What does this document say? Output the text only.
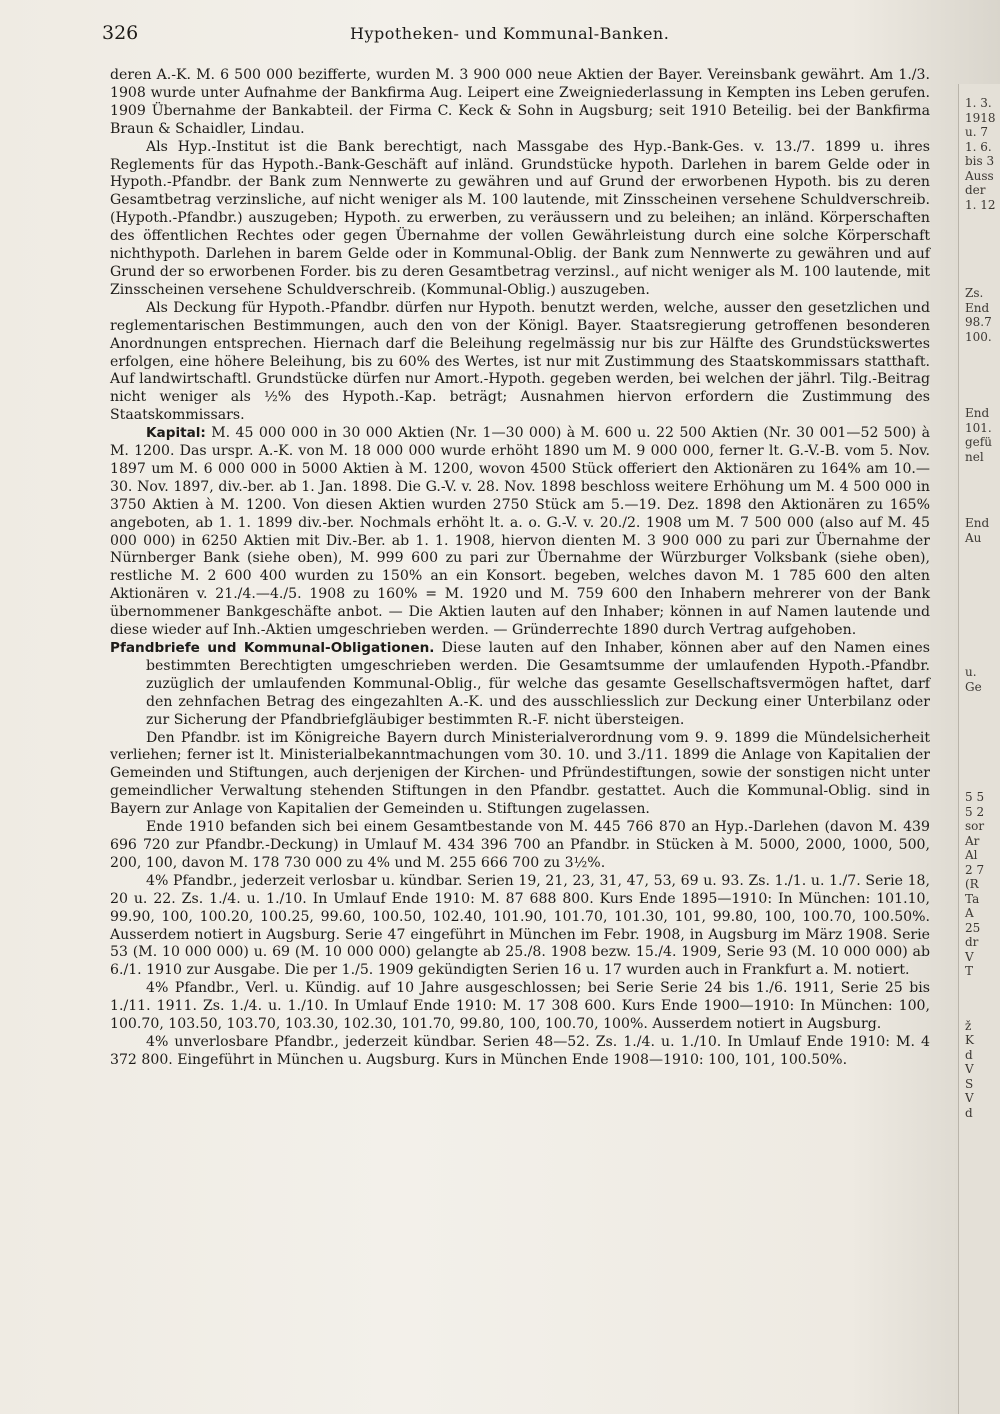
326	Hypotheken- und Kommunal-Banken.

deren A.-K. M. 6 500 000 bezifferte, wurden M. 3 900 000 neue Aktien der Bayer. Vereinsbank gewährt. Am 1./3. 1908 wurde unter Aufnahme der Bankfirma Aug. Leipert eine Zweigniederlassung in Kempten ins Leben gerufen. 1909 Übernahme der Bankabteil. der Firma C. Keck & Sohn in Augsburg; seit 1910 Beteilig. bei der Bankfirma Braun & Schaidler, Lindau.

Als Hyp.-Institut ist die Bank berechtigt, nach Massgabe des Hyp.-Bank-Ges. v. 13./7. 1899 u. ihres Reglements für das Hypoth.-Bank-Geschäft auf inländ. Grundstücke hypoth. Darlehen in barem Gelde oder in Hypoth.-Pfandbr. der Bank zum Nennwerte zu gewähren und auf Grund der erworbenen Hypoth. bis zu deren Gesamtbetrag verzinsliche, auf nicht weniger als M. 100 lautende, mit Zinsscheinen versehene Schuldverschreib. (Hypoth.-Pfandbr.) auszugeben; Hypoth. zu erwerben, zu veräussern und zu beleihen; an inländ. Körperschaften des öffentlichen Rechtes oder gegen Übernahme der vollen Gewährleistung durch eine solche Körperschaft nichthypoth. Darlehen in barem Gelde oder in Kommunal-Oblig. der Bank zum Nennwerte zu gewähren und auf Grund der so erworbenen Forder. bis zu deren Gesamtbetrag verzinsl., auf nicht weniger als M. 100 lautende, mit Zinsscheinen versehene Schuldverschreib. (Kommunal-Oblig.) auszugeben.

Als Deckung für Hypoth.-Pfandbr. dürfen nur Hypoth. benutzt werden, welche, ausser den gesetzlichen und reglementarischen Bestimmungen, auch den von der Königl. Bayer. Staatsregierung getroffenen besonderen Anordnungen entsprechen. Hiernach darf die Beleihung regelmässig nur bis zur Hälfte des Grundstückswertes erfolgen, eine höhere Beleihung, bis zu 60% des Wertes, ist nur mit Zustimmung des Staatskommissars statthaft. Auf landwirtschaftl. Grundstücke dürfen nur Amort.-Hypoth. gegeben werden, bei welchen der jährl. Tilg.-Beitrag nicht weniger als ½% des Hypoth.-Kap. beträgt; Ausnahmen hiervon erfordern die Zustimmung des Staatskommissars.

Kapital: M. 45 000 000 in 30 000 Aktien (Nr. 1—30 000) à M. 600 u. 22 500 Aktien (Nr. 30 001—52 500) à M. 1200. Das urspr. A.-K. von M. 18 000 000 wurde erhöht 1890 um M. 9 000 000, ferner lt. G.-V.-B. vom 5. Nov. 1897 um M. 6 000 000 in 5000 Aktien à M. 1200, wovon 4500 Stück offeriert den Aktionären zu 164% am 10.—30. Nov. 1897, div.-ber. ab 1. Jan. 1898. Die G.-V. v. 28. Nov. 1898 beschloss weitere Erhöhung um M. 4 500 000 in 3750 Aktien à M. 1200. Von diesen Aktien wurden 2750 Stück am 5.—19. Dez. 1898 den Aktionären zu 165% angeboten, ab 1. 1. 1899 div.-ber. Nochmals erhöht lt. a. o. G.-V. v. 20./2. 1908 um M. 7 500 000 (also auf M. 45 000 000) in 6250 Aktien mit Div.-Ber. ab 1. 1. 1908, hiervon dienten M. 3 900 000 zu pari zur Übernahme der Nürnberger Bank (siehe oben), M. 999 600 zu pari zur Übernahme der Würzburger Volksbank (siehe oben), restliche M. 2 600 400 wurden zu 150% an ein Konsort. begeben, welches davon M. 1 785 600 den alten Aktionären v. 21./4.—4./5. 1908 zu 160% = M. 1920 und M. 759 600 den Inhabern mehrerer von der Bank übernommener Bankgeschäfte anbot. — Die Aktien lauten auf den Inhaber; können in auf Namen lautende und diese wieder auf Inh.-Aktien umgeschrieben werden. — Gründerrechte 1890 durch Vertrag aufgehoben.

Pfandbriefe und Kommunal-Obligationen. Diese lauten auf den Inhaber, können aber auf den Namen eines bestimmten Berechtigten umgeschrieben werden. Die Gesamtsumme der umlaufenden Hypoth.-Pfandbr. zuzüglich der umlaufenden Kommunal-Oblig., für welche das gesamte Gesellschaftsvermögen haftet, darf den zehnfachen Betrag des eingezahlten A.-K. und des ausschliesslich zur Deckung einer Unterbilanz oder zur Sicherung der Pfandbriefgläubiger bestimmten R.-F. nicht übersteigen.

Den Pfandbr. ist im Königreiche Bayern durch Ministerialverordnung vom 9. 9. 1899 die Mündelsicherheit verliehen; ferner ist lt. Ministerialbekanntmachungen vom 30. 10. und 3./11. 1899 die Anlage von Kapitalien der Gemeinden und Stiftungen, auch derjenigen der Kirchen- und Pfründestiftungen, sowie der sonstigen nicht unter gemeindlicher Verwaltung stehenden Stiftungen in den Pfandbr. gestattet. Auch die Kommunal-Oblig. sind in Bayern zur Anlage von Kapitalien der Gemeinden u. Stiftungen zugelassen.

Ende 1910 befanden sich bei einem Gesamtbestande von M. 445 766 870 an Hyp.-Darlehen (davon M. 439 696 720 zur Pfandbr.-Deckung) in Umlauf M. 434 396 700 an Pfandbr. in Stücken à M. 5000, 2000, 1000, 500, 200, 100, davon M. 178 730 000 zu 4% und M. 255 666 700 zu 3½%.

4% Pfandbr., jederzeit verlosbar u. kündbar. Serien 19, 21, 23, 31, 47, 53, 69 u. 93. Zs. 1./1. u. 1./7. Serie 18, 20 u. 22. Zs. 1./4. u. 1./10. In Umlauf Ende 1910: M. 87 688 800. Kurs Ende 1895—1910: In München: 101.10, 99.90, 100, 100.20, 100.25, 99.60, 100.50, 102.40, 101.90, 101.70, 101.30, 101, 99.80, 100, 100.70, 100.50%. Ausserdem notiert in Augsburg. Serie 47 eingeführt in München im Febr. 1908, in Augsburg im März 1908. Serie 53 (M. 10 000 000) u. 69 (M. 10 000 000) gelangte ab 25./8. 1908 bezw. 15./4. 1909, Serie 93 (M. 10 000 000) ab 6./1. 1910 zur Ausgabe. Die per 1./5. 1909 gekündigten Serien 16 u. 17 wurden auch in Frankfurt a. M. notiert.

4% Pfandbr., Verl. u. Kündig. auf 10 Jahre ausgeschlossen; bei Serie Serie 24 bis 1./6. 1911, Serie 25 bis 1./11. 1911. Zs. 1./4. u. 1./10. In Umlauf Ende 1910: M. 17 308 600. Kurs Ende 1900—1910: In München: 100, 100.70, 103.50, 103.70, 103.30, 102.30, 101.70, 99.80, 100, 100.70, 100%. Ausserdem notiert in Augsburg.

4% unverlosbare Pfandbr., jederzeit kündbar. Serien 48—52. Zs. 1./4. u. 1./10. In Umlauf Ende 1910: M. 4 372 800. Eingeführt in München u. Augsburg. Kurs in München Ende 1908—1910: 100, 101, 100.50%.

1. 3.
1918
u. 7
1. 6.
bis 3
Auss
der
1. 12
Zs.
End
98.7
100.
End
101.
gefü
nel
End
Au
u.
Ge
5 5
5 2
sor
Ar
Al
2 7
(R
Ta
A
25
dr
V
T
ž
K
d
V
S
V
d
